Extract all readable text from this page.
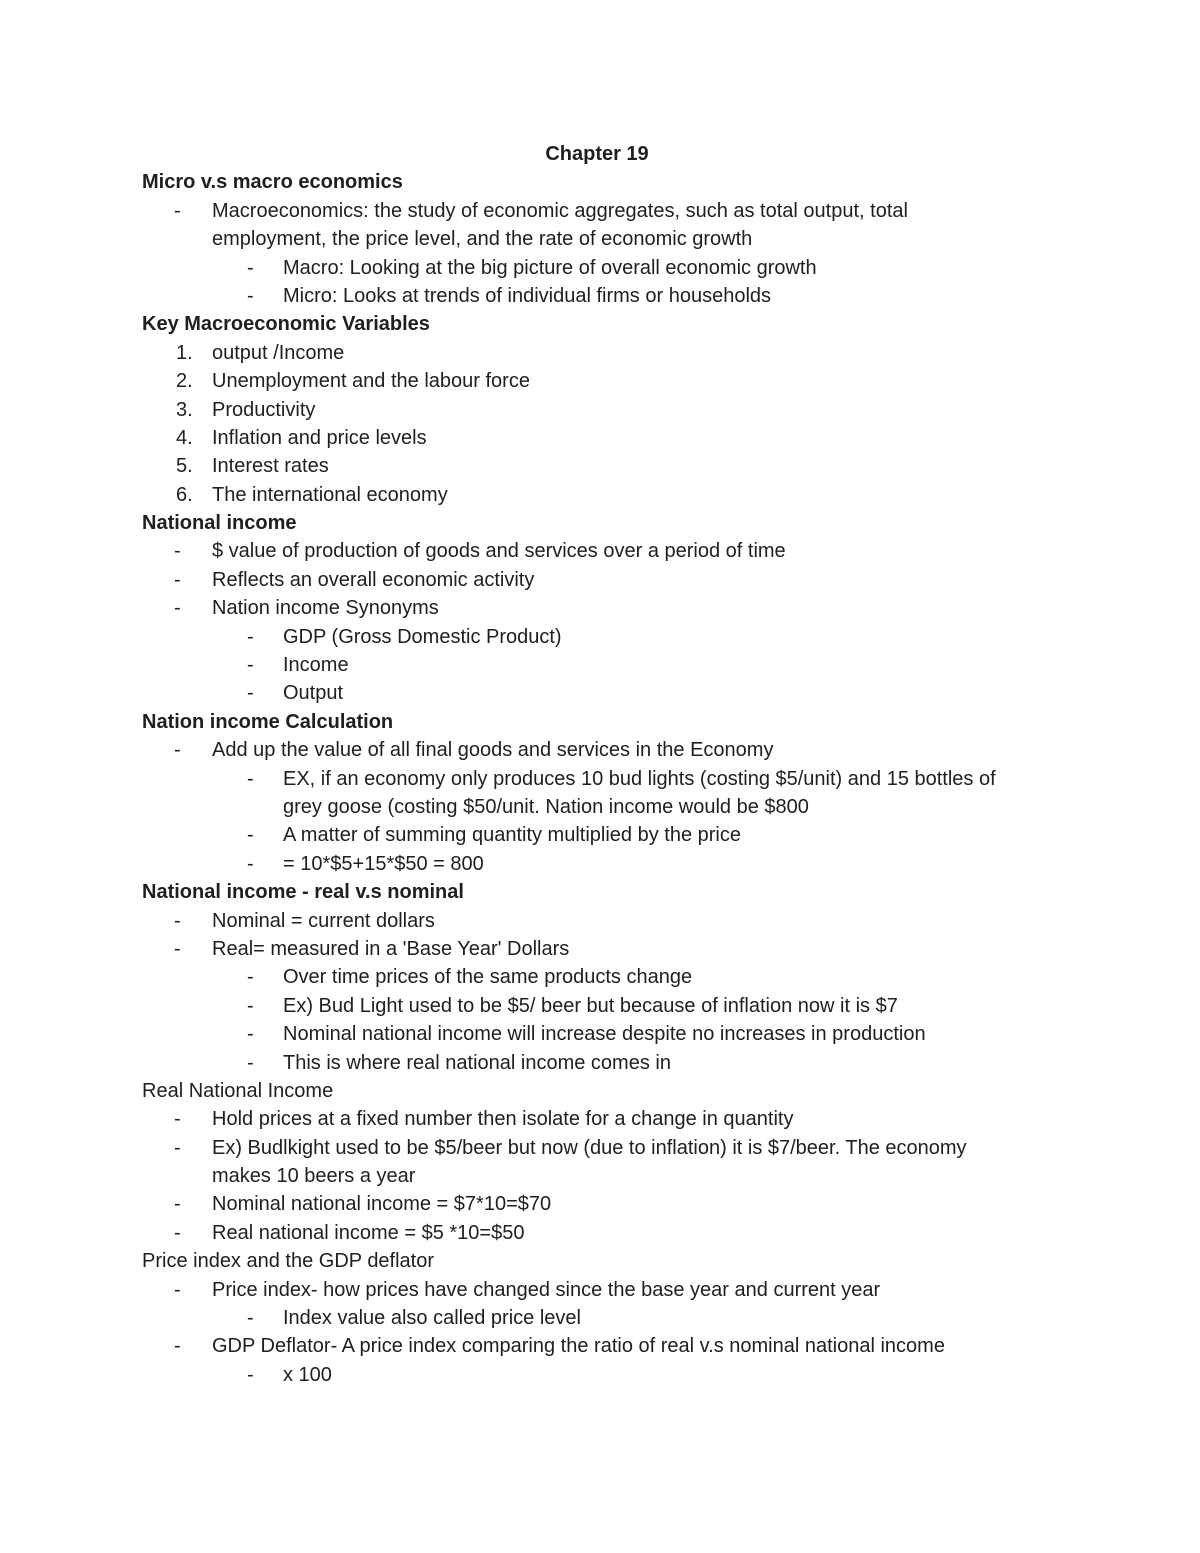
Chapter 19
Micro v.s macro economics
- Macroeconomics: the study of economic aggregates, such as total output, total
employment, the price level, and the rate of economic growth
- Macro: Looking at the big picture of overall economic growth
- Micro: Looks at trends of individual firms or households
Key Macroeconomic Variables
1. output /Income
2. Unemployment and the labour force
3. Productivity
4. Inflation and price levels
5. Interest rates
6. The international economy
National income
- $ value of production of goods and services over a period of time
- Reflects an overall economic activity
- Nation income Synonyms
- GDP (Gross Domestic Product)
- Income
- Output
Nation income Calculation
- Add up the value of all final goods and services in the Economy
- EX, if an economy only produces 10 bud lights (costing $5/unit) and 15 bottles of
grey goose (costing $50/unit. Nation income would be $800
- A matter of summing quantity multiplied by the price
- = 10*$5+15*$50 = 800
National income - real v.s nominal
- Nominal = current dollars
- Real= measured in a 'Base Year' Dollars
- Over time prices of the same products change
- Ex) Bud Light used to be $5/ beer but because of inflation now it is $7
- Nominal national income will increase despite no increases in production
- This is where real national income comes in
Real National Income
- Hold prices at a fixed number then isolate for a change in quantity
- Ex) Budlkight used to be $5/beer but now (due to inflation) it is $7/beer. The economy
makes 10 beers a year
- Nominal national income = $7*10=$70
- Real national income = $5 *10=$50
Price index and the GDP deflator
- Price index- how prices have changed since the base year and current year
- Index value also called price level
- GDP Deflator- A price index comparing the ratio of real v.s nominal national income
- x 100
